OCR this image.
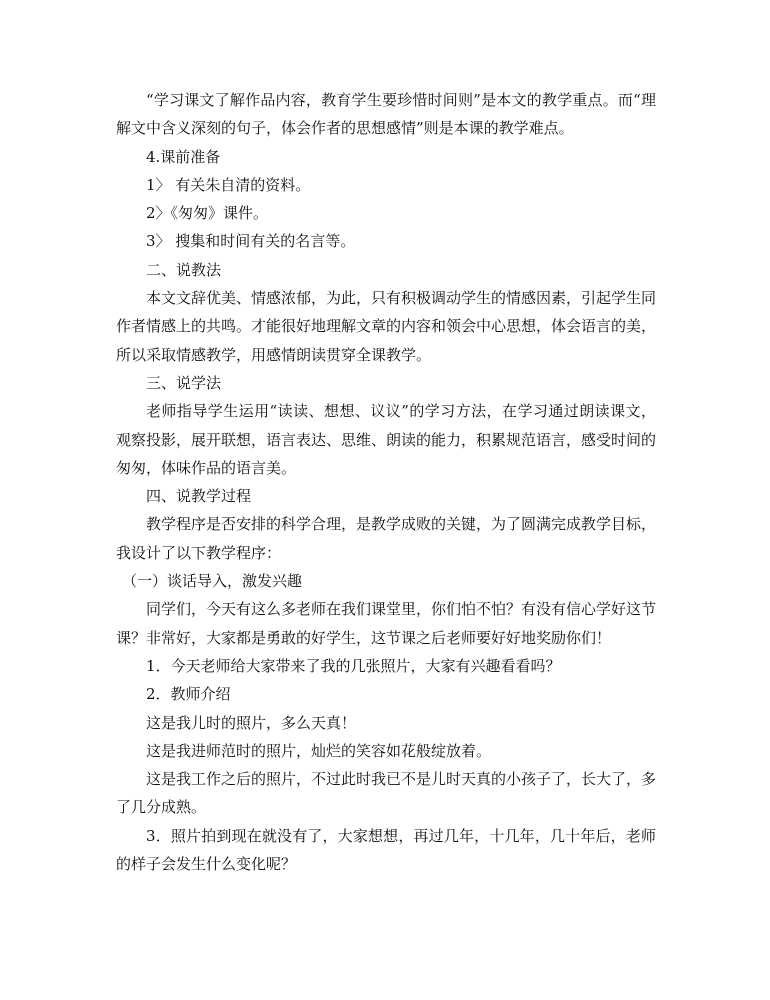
“学习课文了解作品内容，教育学生要珍惜时间则”是本文的教学重点。而“理解文中含义深刻的句子，体会作者的思想感情”则是本课的教学难点。

4.课前准备

1〉 有关朱自清的资料。

2〉《匆匆》课件。

3〉 搜集和时间有关的名言等。

二、说教法

本文文辞优美、情感浓郁，为此，只有积极调动学生的情感因素，引起学生同作者情感上的共鸣。才能很好地理解文章的内容和领会中心思想，体会语言的美，所以采取情感教学，用感情朗读贯穿全课教学。

三、说学法

老师指导学生运用“读读、想想、议议”的学习方法，在学习通过朗读课文，观察投影，展开联想，语言表达、思维、朗读的能力，积累规范语言，感受时间的匆匆，体味作品的语言美。

四、说教学过程

教学程序是否安排的科学合理，是教学成败的关键，为了圆满完成教学目标，我设计了以下教学程序：

（一）谈话导入，激发兴趣

同学们，今天有这么多老师在我们课堂里，你们怕不怕？有没有信心学好这节课？非常好，大家都是勇敢的好学生，这节课之后老师要好好地奖励你们！

1．今天老师给大家带来了我的几张照片，大家有兴趣看看吗？

2．教师介绍

这是我儿时的照片，多么天真！

这是我进师范时的照片，灿烂的笑容如花般绽放着。

这是我工作之后的照片，不过此时我已不是儿时天真的小孩子了，长大了，多了几分成熟。

3．照片拍到现在就没有了，大家想想，再过几年，十几年，几十年后，老师的样子会发生什么变化呢？
